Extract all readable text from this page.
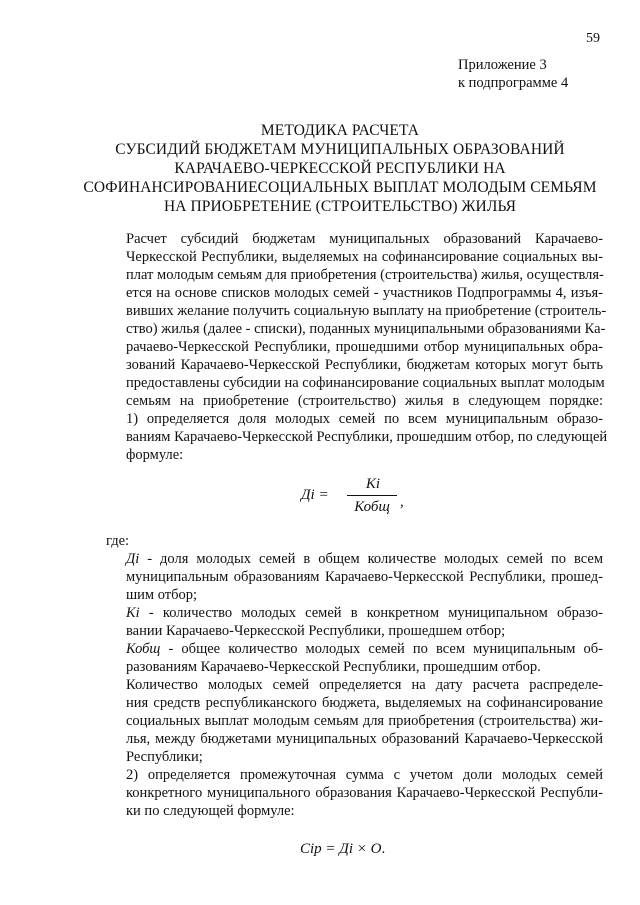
59
Приложение 3
к подпрограмме 4
МЕТОДИКА РАСЧЕТА
СУБСИДИЙ БЮДЖЕТАМ МУНИЦИПАЛЬНЫХ ОБРАЗОВАНИЙ
КАРАЧАЕВО-ЧЕРКЕССКОЙ РЕСПУБЛИКИ НА
СОФИНАНСИРОВАНИЕСОЦИАЛЬНЫХ ВЫПЛАТ МОЛОДЫМ СЕМЬЯМ
НА ПРИОБРЕТЕНИЕ (СТРОИТЕЛЬСТВО) ЖИЛЬЯ
Расчет субсидий бюджетам муниципальных образований Карачаево-
Черкесской Республики, выделяемых на софинансирование социальных вы-
плат молодым семьям для приобретения (строительства) жилья, осуществля-
ется на основе списков молодых семей - участников Подпрограммы 4, изъя-
вивших желание получить социальную выплату на приобретение (строитель-
ство) жилья (далее - списки), поданных муниципальными образованиями Ка-
рачаево-Черкесской Республики, прошедшими отбор муниципальных обра-
зований Карачаево-Черкесской Республики, бюджетам которых могут быть
предоставлены субсидии на софинансирование социальных выплат молодым
семьям на приобретение (строительство) жилья в следующем порядке:
1) определяется доля молодых семей по всем муниципальным образо-
ваниям Карачаево-Черкесской Республики, прошедшим отбор, по следующей
формуле:
Дi =
Ki
Кобщ ,
где:
Дi - доля молодых семей в общем количестве молодых семей по всем
муниципальным образованиям Карачаево-Черкесской Республики, прошед-
шим отбор;
Ki - количество молодых семей в конкретном муниципальном образо-
вании Карачаево-Черкесской Республики, прошедшем отбор;
Кобщ - общее количество молодых семей по всем муниципальным об-
разованиям Карачаево-Черкесской Республики, прошедшим отбор.
Количество молодых семей определяется на дату расчета распределе-
ния средств республиканского бюджета, выделяемых на софинансирование
социальных выплат молодым семьям для приобретения (строительства) жи-
лья, между бюджетами муниципальных образований Карачаево-Черкесской
Республики;
2) определяется промежуточная сумма с учетом доли молодых семей
конкретного муниципального образования Карачаево-Черкесской Республи-
ки по следующей формуле:
Сiр = Дi × О.
